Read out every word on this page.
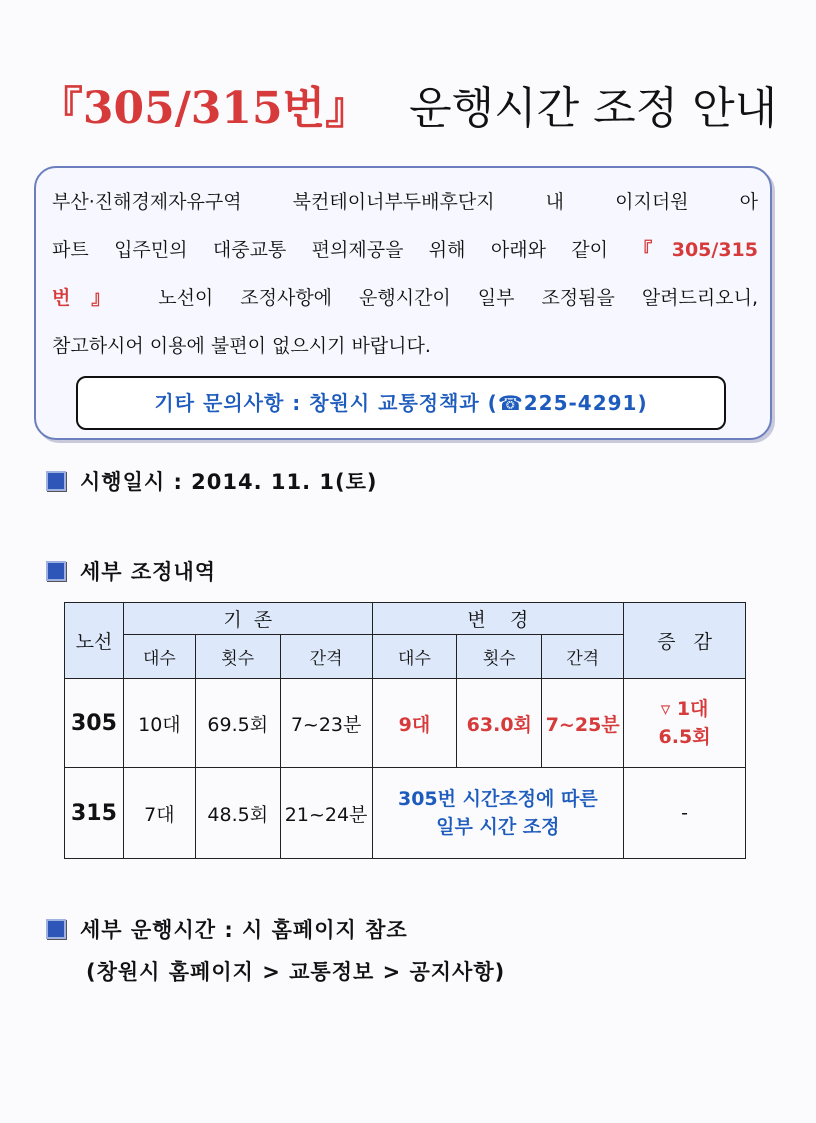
『305/315번』 운행시간 조정 안내
부산·진해경제자유구역 북컨테이너부두배후단지 내 이지더원 아
파트 입주민의 대중교통 편의제공을 위해 아래와 같이 『305/315
번』 노선이 조정사항에 운행시간이 일부 조정됨을 알려드리오니,
참고하시어 이용에 불편이 없으시기 바랍니다.
기타 문의사항 : 창원시 교통정책과 (☎225-4291)
시행일시 : 2014. 11. 1(토)
세부 조정내역
노선	기  존			변    경			증   감
	대수	횟수	간격	대수	횟수	간격	
305	10대	69.5회	7~23분	9대	63.0회	7~25분	▿ 1대
6.5회
315	7대	48.5회	21~24분	305번 시간조정에 따른
일부 시간 조정			-
세부 운행시간 : 시 홈페이지 참조
(창원시 홈페이지 > 교통정보 > 공지사항)
